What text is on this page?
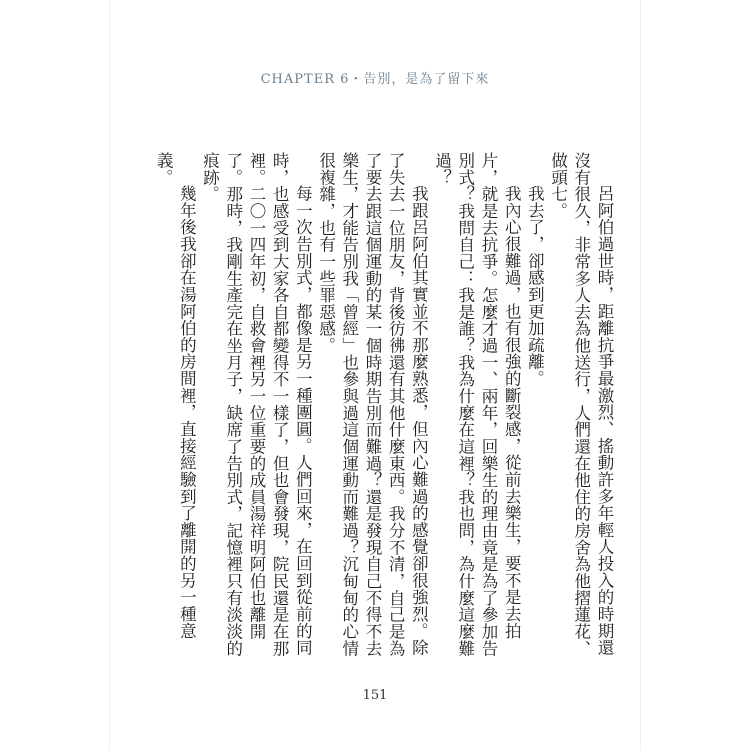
CHAPTER 6・告別，是為了留下來

呂阿伯過世時，距離抗爭最激烈、搖動許多年輕人投入的時期還沒有很久，非常多人去為他送行，人們還在他住的房舍為他摺蓮花、做頭七。

我去了，卻感到更加疏離。

我內心很難過，也有很強的斷裂感，從前去樂生，要不是去拍片，就是去抗爭。怎麼才過一、兩年，回樂生的理由竟是為了參加告別式？我問自己：我是誰？我為什麼在這裡？我也問，為什麼這麼難過？

我跟呂阿伯其實並不那麼熟悉，但內心難過的感覺卻很強烈。除了失去一位朋友，背後彷彿還有其他什麼東西。我分不清，自己是為了要去跟這個運動的某一個時期告別而難過？還是發現自己不得不去樂生，才能告別我「曾經」也參與過這個運動而難過？沉甸甸的心情很複雜，也有一些罪惡感。

每一次告別式，都像是另一種團圓。人們回來，在回到從前的同時，也感受到大家各自都變得不一樣了，但也會發現，院民還是在那裡。二〇一四年初，自救會裡另一位重要的成員湯祥明阿伯也離開了。那時，我剛生產完在坐月子，缺席了告別式，記憶裡只有淡淡的痕跡。

幾年後我卻在湯阿伯的房間裡，直接經驗到了離開的另一種意義。

151
